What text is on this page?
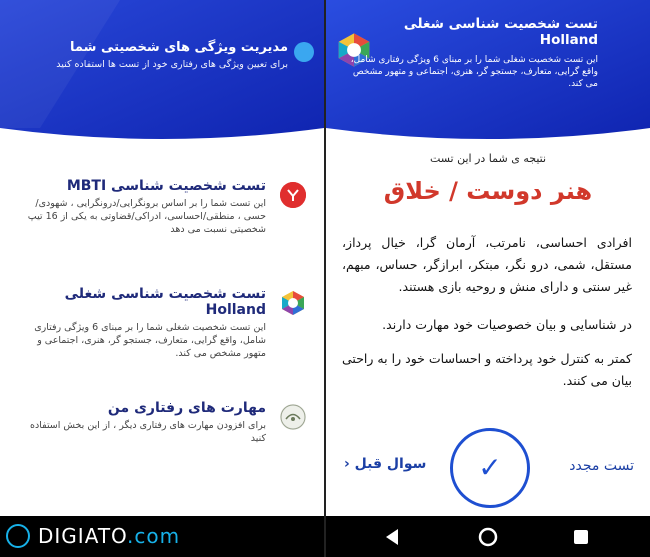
مدیریت ویژگی های شخصیتی شما
برای تعیین ویژگی های رفتاری خود از تست ها استفاده کنید
تست شخصیت شناسی MBTI
این تست شما را بر اساس برونگرایی/درونگرایی ، شهودی/حسی ، منطقی/احساسی، ادراکی/قضاوتی به یکی از 16 تیپ شخصیتی نسبت می دهد
تست شخصیت شناسی شغلی Holland
این تست شخصیت شغلی شما را بر مبنای 6 ویژگی رفتاری شامل، واقع گرایی، متعارف، جستجو گر، هنری، اجتماعی و متهور مشخص می کند.
مهارت های رفتاری من
برای افزودن مهارت های رفتاری دیگر ، از این بخش استفاده کنید
DIGIATO.com
تست شخصیت شناسی شغلی Holland
این تست شخصیت شغلی شما را بر مبنای 6 ویژگی رفتاری شامل، واقع گرایی، متعارف، جستجو گر، هنری، اجتماعی و متهور مشخص می کند.
نتیجه ی شما در این تست
هنر دوست / خلاق
افرادی احساسی، نامرتب، آرمان گرا، خیال پرداز، مستقل، شمی، درو نگر، مبتکر، ابرازگر، حساس، مبهم، غیر سنتی و دارای منش و روحیه بازی هستند.
در شناسایی و بیان خصوصیات خود مهارت دارند.
کمتر به کنترل خود پرداخته و احساسات خود را به راحتی بیان می کنند.
✓
سوال قبل ‹	تست مجدد
